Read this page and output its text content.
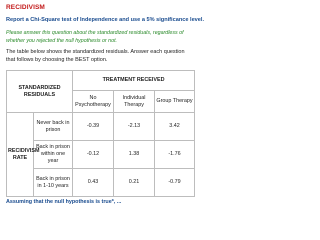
RECIDIVISM
Report a Chi-Square test of Independence and use a 5% significance level.
Please answer this question about the standardized residuals, regardless of whether you rejected the null hypothesis or not.
The table below shows the standardized residuals. Answer each question that follows by choosing the BEST option.
STANDARDIZED RESIDUALS		TREATMENT RECEIVED		
		No Psychotherapy	Individual Therapy	Group Therapy
RECIDIVISM RATE	Never back in prison	-0.39	-2.13	3.42
	Back in prison within one year	-0.12	1.38	-1.76
	Back in prison in 1-10 years	0.43	0.21	-0.79
Assuming that the null hypothesis is true*, ...
